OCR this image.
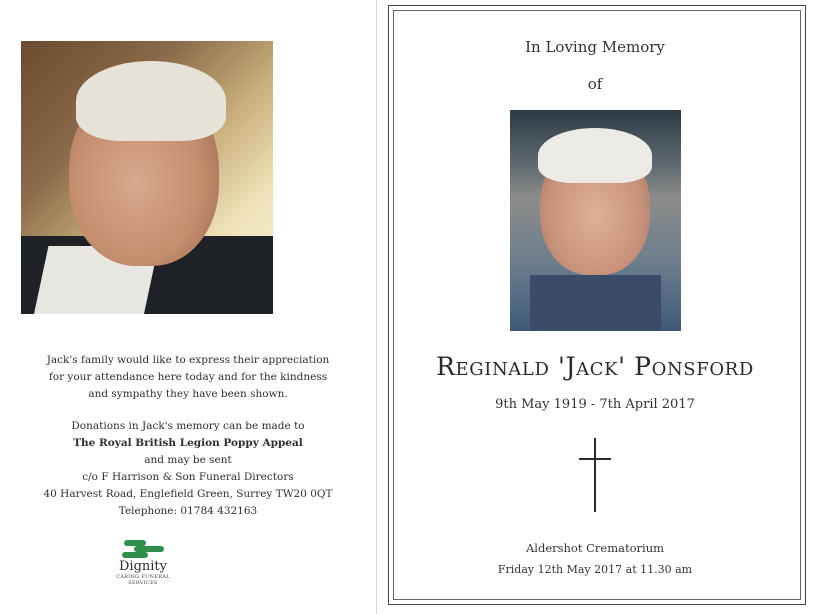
Jack's family would like to express their appreciation
for your attendance here today and for the kindness
and sympathy they have been shown.
Donations in Jack's memory can be made to
The Royal British Legion Poppy Appeal
and may be sent
c/o F Harrison & Son Funeral Directors
40 Harvest Road, Englefield Green, Surrey TW20 0QT
Telephone: 01784 432163
Dignity
CARING FUNERAL
SERVICES
In Loving Memory
of
Reginald 'Jack' Ponsford
9th May 1919 - 7th April 2017
Aldershot Crematorium
Friday 12th May 2017 at 11.30 am
